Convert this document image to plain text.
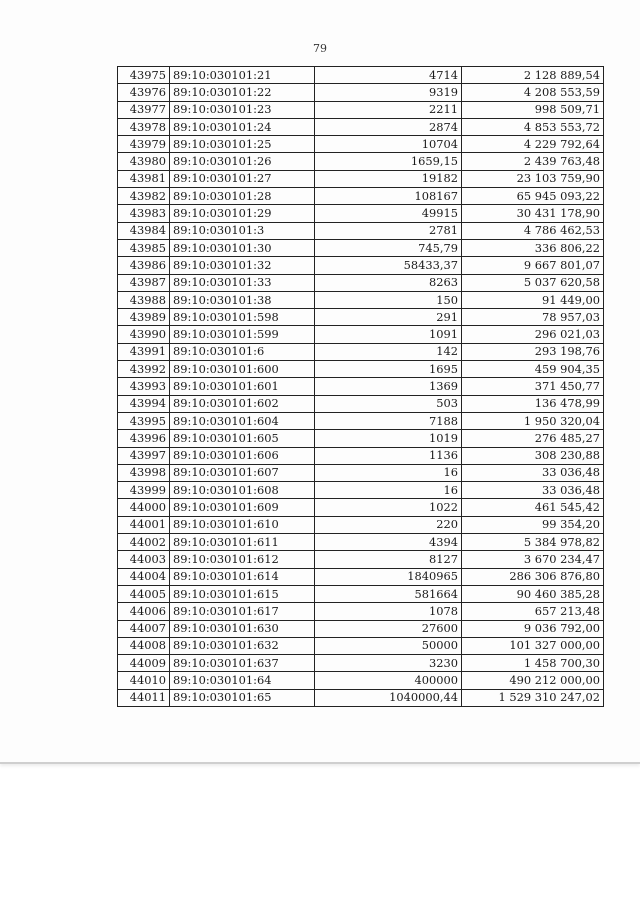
79
43975	89:10:030101:21	4714	2 128 889,54
43976	89:10:030101:22	9319	4 208 553,59
43977	89:10:030101:23	2211	998 509,71
43978	89:10:030101:24	2874	4 853 553,72
43979	89:10:030101:25	10704	4 229 792,64
43980	89:10:030101:26	1659,15	2 439 763,48
43981	89:10:030101:27	19182	23 103 759,90
43982	89:10:030101:28	108167	65 945 093,22
43983	89:10:030101:29	49915	30 431 178,90
43984	89:10:030101:3	2781	4 786 462,53
43985	89:10:030101:30	745,79	336 806,22
43986	89:10:030101:32	58433,37	9 667 801,07
43987	89:10:030101:33	8263	5 037 620,58
43988	89:10:030101:38	150	91 449,00
43989	89:10:030101:598	291	78 957,03
43990	89:10:030101:599	1091	296 021,03
43991	89:10:030101:6	142	293 198,76
43992	89:10:030101:600	1695	459 904,35
43993	89:10:030101:601	1369	371 450,77
43994	89:10:030101:602	503	136 478,99
43995	89:10:030101:604	7188	1 950 320,04
43996	89:10:030101:605	1019	276 485,27
43997	89:10:030101:606	1136	308 230,88
43998	89:10:030101:607	16	33 036,48
43999	89:10:030101:608	16	33 036,48
44000	89:10:030101:609	1022	461 545,42
44001	89:10:030101:610	220	99 354,20
44002	89:10:030101:611	4394	5 384 978,82
44003	89:10:030101:612	8127	3 670 234,47
44004	89:10:030101:614	1840965	286 306 876,80
44005	89:10:030101:615	581664	90 460 385,28
44006	89:10:030101:617	1078	657 213,48
44007	89:10:030101:630	27600	9 036 792,00
44008	89:10:030101:632	50000	101 327 000,00
44009	89:10:030101:637	3230	1 458 700,30
44010	89:10:030101:64	400000	490 212 000,00
44011	89:10:030101:65	1040000,44	1 529 310 247,02
